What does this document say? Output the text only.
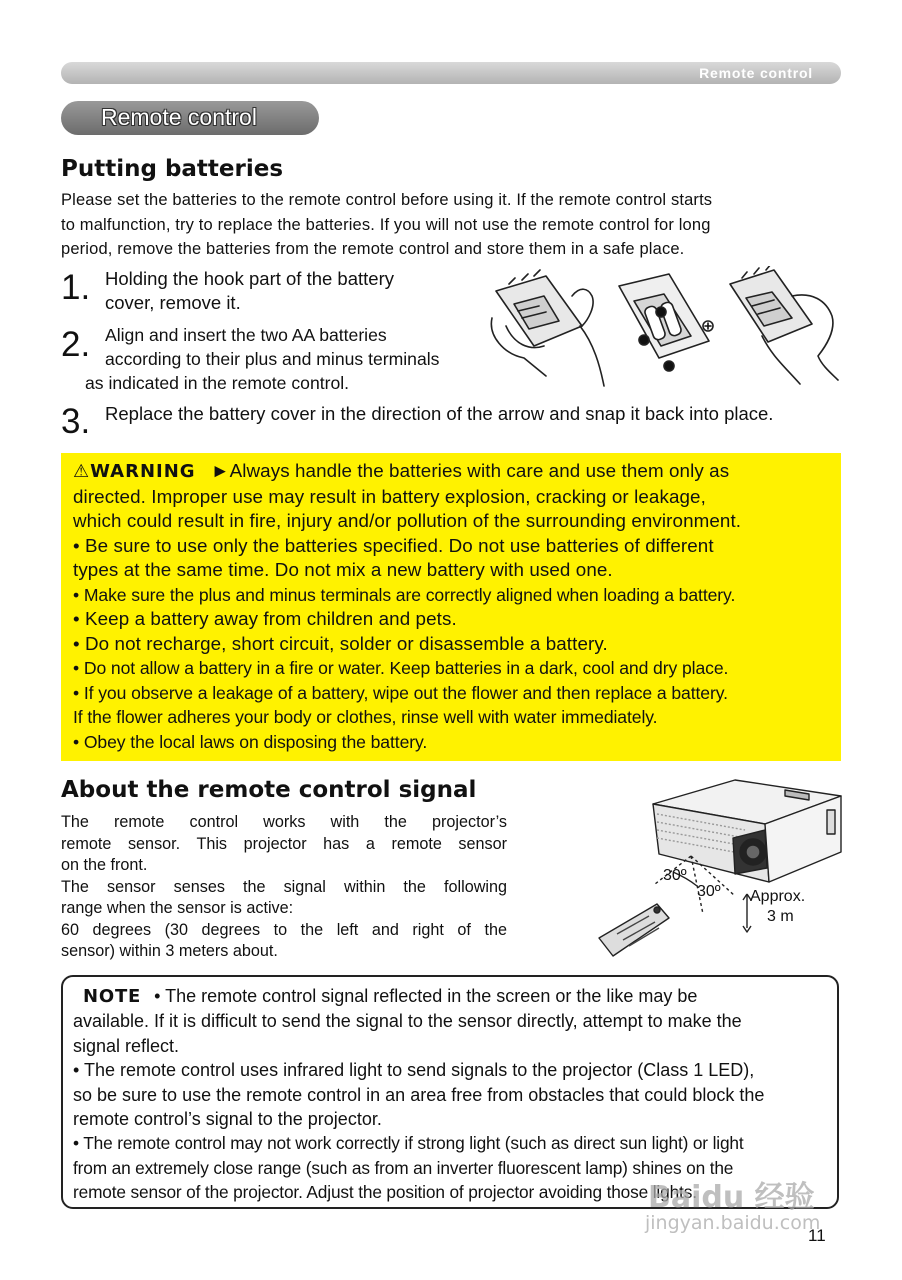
Remote control
Remote control
Putting batteries
Please set the batteries to the remote control before using it. If the remote control starts
to malfunction, try to replace the batteries. If you will not use the remote control for long
period, remove the batteries from the remote control and store them in a safe place.
1. Holding the hook part of the battery
cover, remove it.
2. Align and insert the two AA batteries
according to their plus and minus terminals
as indicated in the remote control.
3. Replace the battery cover in the direction of the arrow and snap it back into place.
⚠WARNING ►Always handle the batteries with care and use them only as
directed. Improper use may result in battery explosion, cracking or leakage,
which could result in fire, injury and/or pollution of the surrounding environment.
• Be sure to use only the batteries specified. Do not use batteries of different
types at the same time. Do not mix a new battery with used one.
• Make sure the plus and minus terminals are correctly aligned when loading a battery.
• Keep a battery away from children and pets.
• Do not recharge, short circuit, solder or disassemble a battery.
• Do not allow a battery in a fire or water. Keep batteries in a dark, cool and dry place.
• If you observe a leakage of a battery, wipe out the flower and then replace a battery.
If the flower adheres your body or clothes, rinse well with water immediately.
• Obey the local laws on disposing the battery.
About the remote control signal
The remote control works with the projector’s
remote sensor. This projector has a remote sensor
on the front.
The sensor senses the signal within the following
range when the sensor is active:
60 degrees (30 degrees to the left and right of the
sensor) within 3 meters about.
30º
30º Approx.
3 m
NOTE • The remote control signal reflected in the screen or the like may be
available. If it is difficult to send the signal to the sensor directly, attempt to make the
signal reflect.
• The remote control uses infrared light to send signals to the projector (Class 1 LED),
so be sure to use the remote control in an area free from obstacles that could block the
remote control’s signal to the projector.
• The remote control may not work correctly if strong light (such as direct sun light) or light
from an extremely close range (such as from an inverter fluorescent lamp) shines on the
remote sensor of the projector. Adjust the position of projector avoiding those lights.
Baidu 经验
jingyan.baidu.com
11
